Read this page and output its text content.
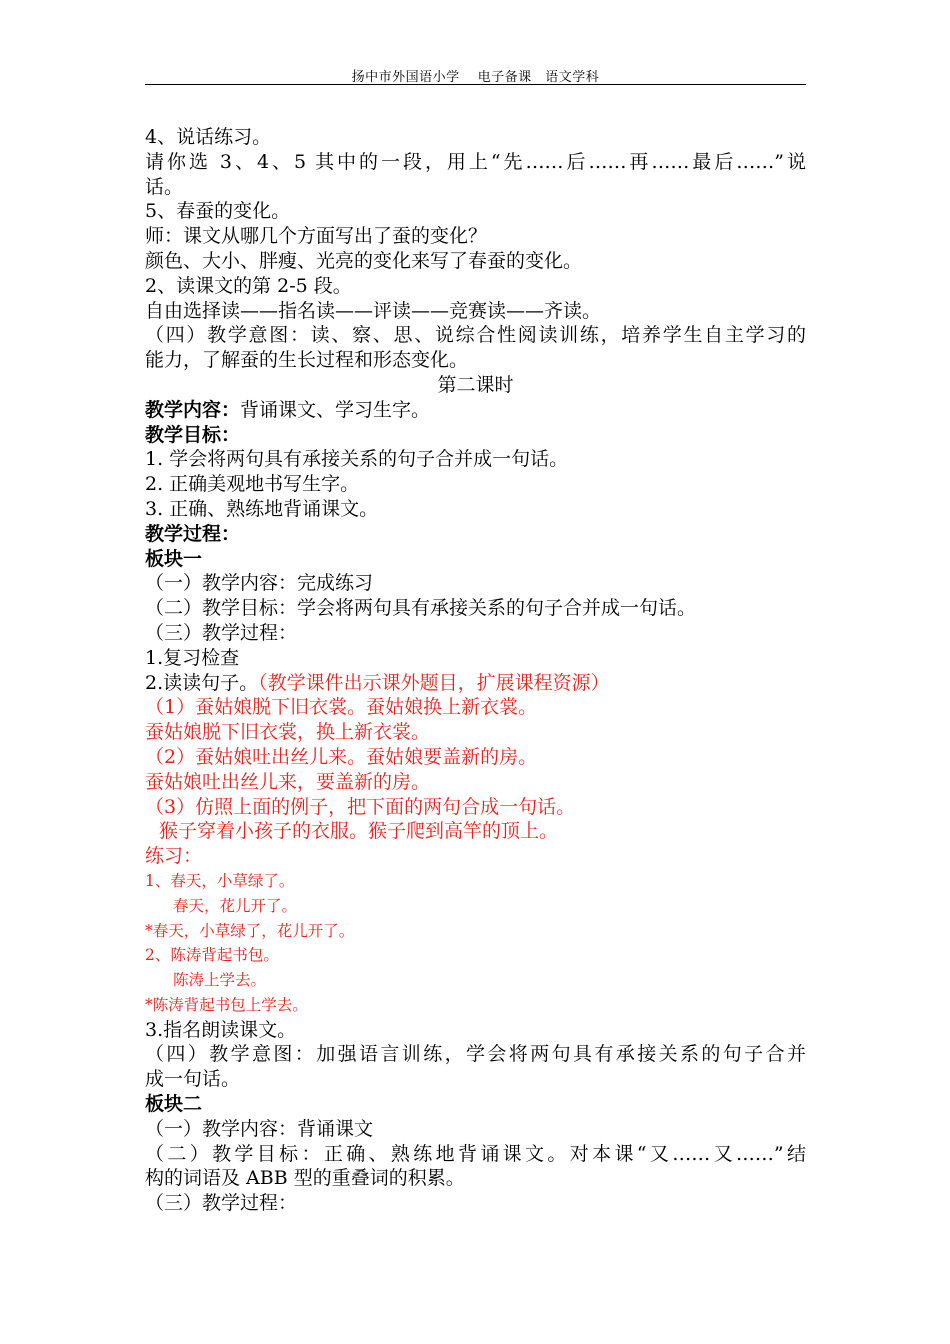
扬中市外国语小学　 电子备课　语文学科
4、说话练习。
请你选 3、4、5 其中的一段，用上“先……后……再……最后……”说
话。
5、春蚕的变化。
师：课文从哪几个方面写出了蚕的变化？
颜色、大小、胖瘦、光亮的变化来写了春蚕的变化。
2、读课文的第 2-5 段。
自由选择读——指名读——评读——竞赛读——齐读。
（四）教学意图：读、察、思、说综合性阅读训练，培养学生自主学习的
能力，了解蚕的生长过程和形态变化。
第二课时
教学内容：背诵课文、学习生字。
教学目标：
1. 学会将两句具有承接关系的句子合并成一句话。
2. 正确美观地书写生字。
3. 正确、熟练地背诵课文。
教学过程：
板块一
（一）教学内容：完成练习
（二）教学目标：学会将两句具有承接关系的句子合并成一句话。
（三）教学过程：
1.复习检查
2.读读句子。（教学课件出示课外题目，扩展课程资源）
（1）蚕姑娘脱下旧衣裳。蚕姑娘换上新衣裳。
蚕姑娘脱下旧衣裳，换上新衣裳。
（2）蚕姑娘吐出丝儿来。蚕姑娘要盖新的房。
蚕姑娘吐出丝儿来，要盖新的房。
（3）仿照上面的例子，把下面的两句合成一句话。
猴子穿着小孩子的衣服。猴子爬到高竿的顶上。
练习：
1、春天，小草绿了。
春天，花儿开了。
*春天，小草绿了，花儿开了。
2、陈涛背起书包。
陈涛上学去。
*陈涛背起书包上学去。
3.指名朗读课文。
（四）教学意图：加强语言训练，学会将两句具有承接关系的句子合并
成一句话。
板块二
（一）教学内容：背诵课文
（二）教学目标：正确、熟练地背诵课文。对本课“又……又……”结
构的词语及 ABB 型的重叠词的积累。
（三）教学过程：
